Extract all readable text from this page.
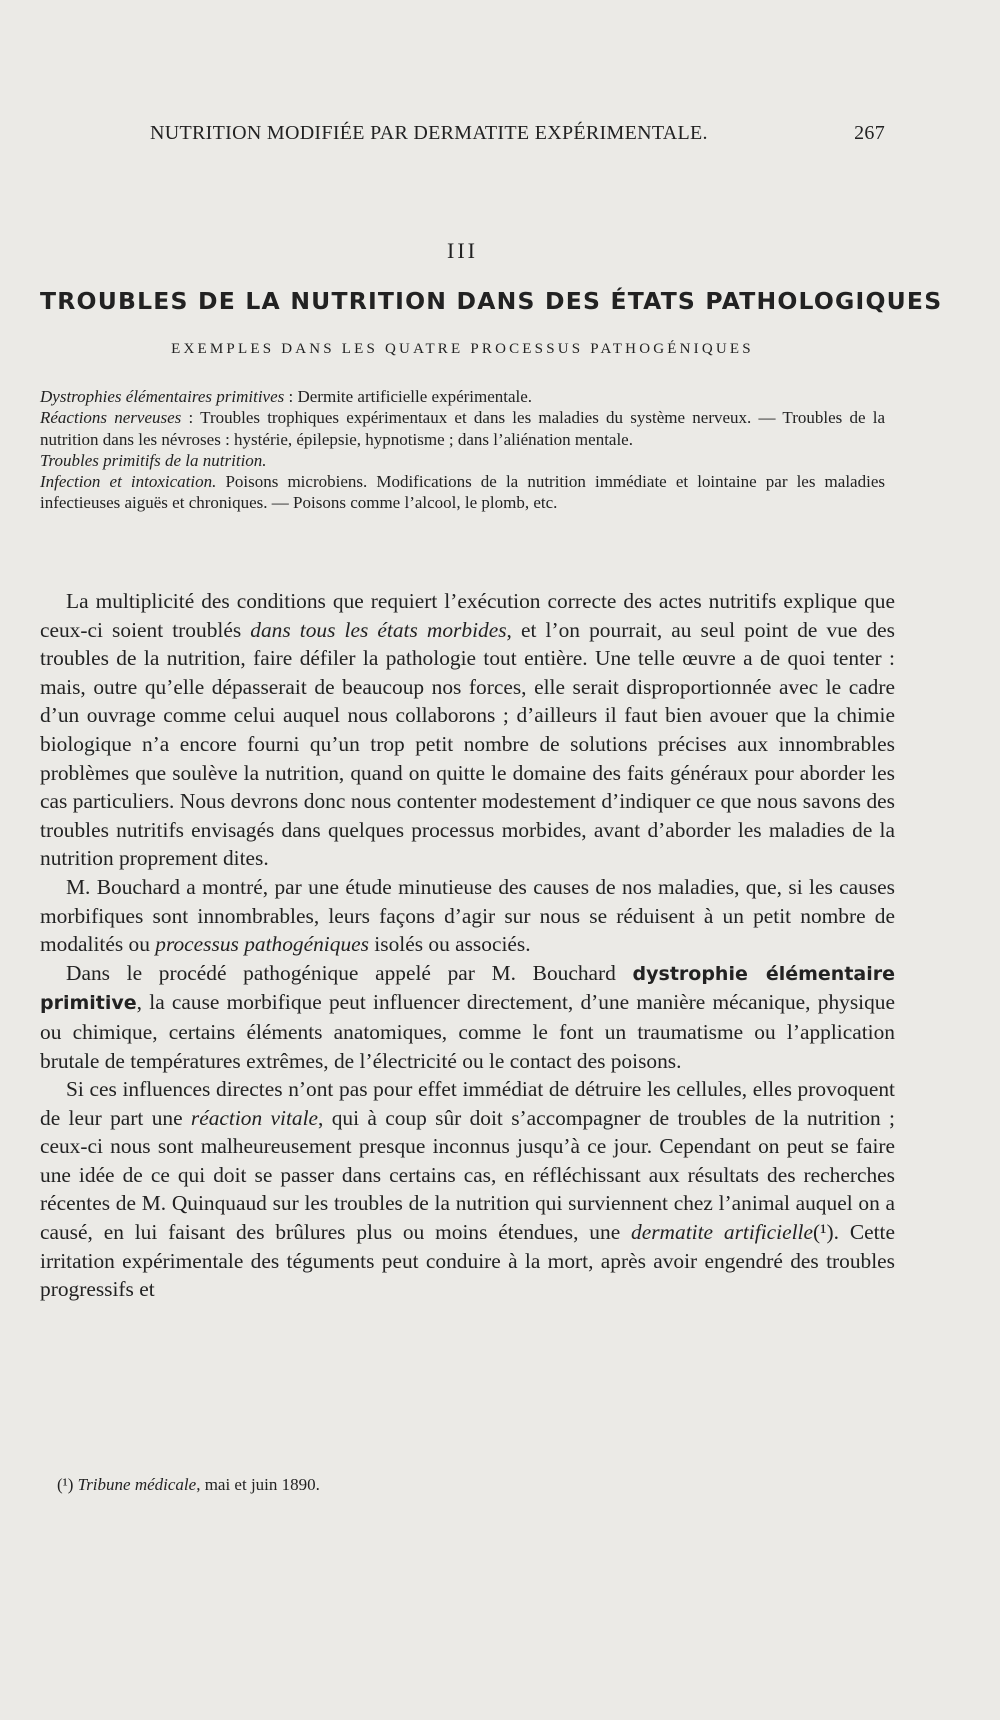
NUTRITION MODIFIÉE PAR DERMATITE EXPÉRIMENTALE.	267
III
TROUBLES DE LA NUTRITION DANS DES ÉTATS PATHOLOGIQUES
EXEMPLES DANS LES QUATRE PROCESSUS PATHOGÉNIQUES

Dystrophies élémentaires primitives : Dermite artificielle expérimentale.

Réactions nerveuses : Troubles trophiques expérimentaux et dans les maladies du système nerveux. — Troubles de la nutrition dans les névroses : hystérie, épilepsie, hypnotisme ; dans l’aliénation mentale.

Troubles primitifs de la nutrition.

Infection et intoxication. Poisons microbiens. Modifications de la nutrition immédiate et lointaine par les maladies infectieuses aiguës et chroniques. — Poisons comme l’alcool, le plomb, etc.

La multiplicité des conditions que requiert l’exécution correcte des actes nutritifs explique que ceux-ci soient troublés dans tous les états morbides, et l’on pourrait, au seul point de vue des troubles de la nutrition, faire défiler la pathologie tout entière. Une telle œuvre a de quoi tenter : mais, outre qu’elle dépasserait de beaucoup nos forces, elle serait disproportionnée avec le cadre d’un ouvrage comme celui auquel nous collaborons ; d’ailleurs il faut bien avouer que la chimie biologique n’a encore fourni qu’un trop petit nombre de solutions précises aux innombrables problèmes que soulève la nutrition, quand on quitte le domaine des faits généraux pour aborder les cas particuliers. Nous devrons donc nous contenter modestement d’indiquer ce que nous savons des troubles nutritifs envisagés dans quelques processus morbides, avant d’aborder les maladies de la nutrition proprement dites.

M. Bouchard a montré, par une étude minutieuse des causes de nos maladies, que, si les causes morbifiques sont innombrables, leurs façons d’agir sur nous se réduisent à un petit nombre de modalités ou processus pathogéniques isolés ou associés.

Dans le procédé pathogénique appelé par M. Bouchard dystrophie élémentaire primitive, la cause morbifique peut influencer directement, d’une manière mécanique, physique ou chimique, certains éléments anatomiques, comme le font un traumatisme ou l’application brutale de températures extrêmes, de l’électricité ou le contact des poisons.

Si ces influences directes n’ont pas pour effet immédiat de détruire les cellules, elles provoquent de leur part une réaction vitale, qui à coup sûr doit s’accompagner de troubles de la nutrition ; ceux-ci nous sont malheureusement presque inconnus jusqu’à ce jour. Cependant on peut se faire une idée de ce qui doit se passer dans certains cas, en réfléchissant aux résultats des recherches récentes de M. Quinquaud sur les troubles de la nutrition qui surviennent chez l’animal auquel on a causé, en lui faisant des brûlures plus ou moins étendues, une dermatite artificielle(¹). Cette irritation expérimentale des téguments peut conduire à la mort, après avoir engendré des troubles progressifs et

(¹) Tribune médicale, mai et juin 1890.
